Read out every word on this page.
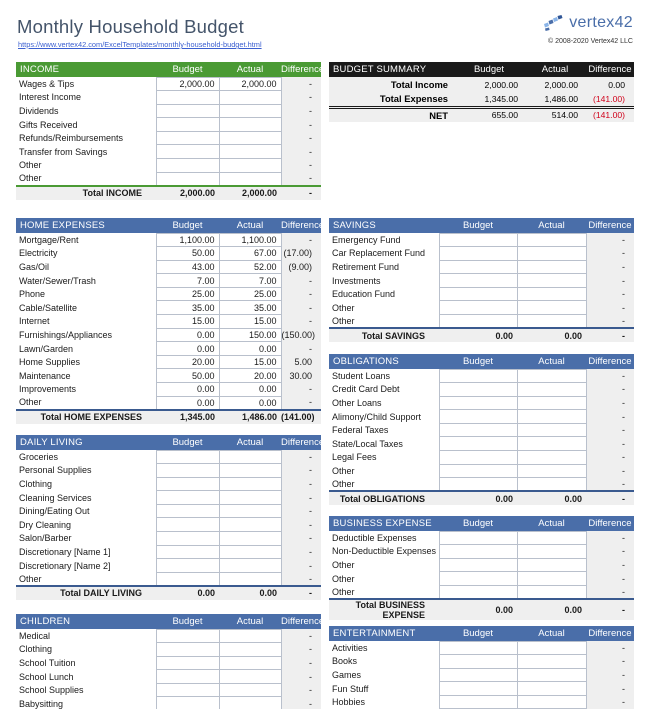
Monthly Household Budget
https://www.vertex42.com/ExcelTemplates/monthly-household-budget.html
vertex42
© 2008-2020 Vertex42 LLC
INCOME	Budget	Actual	Difference
Wages & Tips	2,000.00	2,000.00	-
Interest Income			-
Dividends			-
Gifts Received			-
Refunds/Reimbursements			-
Transfer from Savings			-
Other			-
Other			-
Total INCOME	2,000.00	2,000.00	-
HOME EXPENSES	Budget	Actual	Difference
Mortgage/Rent	1,100.00	1,100.00	-
Electricity	50.00	67.00	(17.00)
Gas/Oil	43.00	52.00	(9.00)
Water/Sewer/Trash	7.00	7.00	-
Phone	25.00	25.00	-
Cable/Satellite	35.00	35.00	-
Internet	15.00	15.00	-
Furnishings/Appliances	0.00	150.00	(150.00)
Lawn/Garden	0.00	0.00	-
Home Supplies	20.00	15.00	5.00
Maintenance	50.00	20.00	30.00
Improvements	0.00	0.00	-
Other	0.00	0.00	-
Total HOME EXPENSES	1,345.00	1,486.00	(141.00)
DAILY LIVING	Budget	Actual	Difference
Groceries			-
Personal Supplies			-
Clothing			-
Cleaning Services			-
Dining/Eating Out			-
Dry Cleaning			-
Salon/Barber			-
Discretionary [Name 1]			-
Discretionary [Name 2]			-
Other			-
Total DAILY LIVING	0.00	0.00	-
CHILDREN	Budget	Actual	Difference
Medical			-
Clothing			-
School Tuition			-
School Lunch			-
School Supplies			-
Babysitting			-
BUDGET SUMMARY	Budget	Actual	Difference
Total Income	2,000.00	2,000.00	0.00
Total Expenses	1,345.00	1,486.00	(141.00)
NET	655.00	514.00	(141.00)
SAVINGS	Budget	Actual	Difference
Emergency Fund			-
Car Replacement Fund			-
Retirement Fund			-
Investments			-
Education Fund			-
Other			-
Other			-
Total SAVINGS	0.00	0.00	-
OBLIGATIONS	Budget	Actual	Difference
Student Loans			-
Credit Card Debt			-
Other Loans			-
Alimony/Child Support			-
Federal Taxes			-
State/Local Taxes			-
Legal Fees			-
Other			-
Other			-
Total OBLIGATIONS	0.00	0.00	-
BUSINESS EXPENSE	Budget	Actual	Difference
Deductible Expenses			-
Non-Deductible Expenses			-
Other			-
Other			-
Other			-
Total BUSINESS EXPENSE	0.00	0.00	-
ENTERTAINMENT	Budget	Actual	Difference
Activities			-
Books			-
Games			-
Fun Stuff			-
Hobbies			-
